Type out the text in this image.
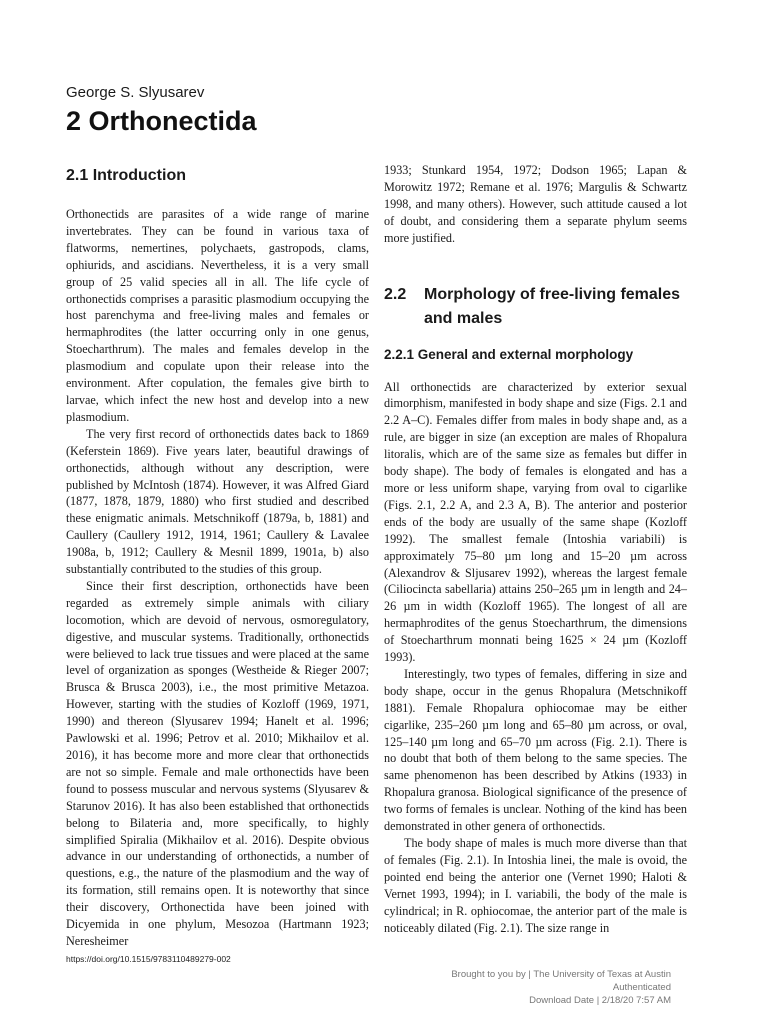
George S. Slyusarev
2 Orthonectida
2.1 Introduction

Orthonectids are parasites of a wide range of marine invertebrates. They can be found in various taxa of flatworms, nemertines, polychaets, gastropods, clams, ophiurids, and ascidians. Nevertheless, it is a very small group of 25 valid species all in all. The life cycle of orthonectids comprises a parasitic plasmodium occupying the host parenchyma and free-living males and females or hermaphrodites (the latter occurring only in one genus, Stoecharthrum). The males and females develop in the plasmodium and copulate upon their release into the environment. After copulation, the females give birth to larvae, which infect the new host and develop into a new plasmodium.

The very first record of orthonectids dates back to 1869 (Keferstein 1869). Five years later, beautiful drawings of orthonectids, although without any description, were published by McIntosh (1874). However, it was Alfred Giard (1877, 1878, 1879, 1880) who first studied and described these enigmatic animals. Metschnikoff (1879a, b, 1881) and Caullery (Caullery 1912, 1914, 1961; Caullery & Lavalee 1908a, b, 1912; Caullery & Mesnil 1899, 1901a, b) also substantially contributed to the studies of this group.

Since their first description, orthonectids have been regarded as extremely simple animals with ciliary locomotion, which are devoid of nervous, osmoregulatory, digestive, and muscular systems. Traditionally, orthonectids were believed to lack true tissues and were placed at the same level of organization as sponges (Westheide & Rieger 2007; Brusca & Brusca 2003), i.e., the most primitive Metazoa. However, starting with the studies of Kozloff (1969, 1971, 1990) and thereon (Slyusarev 1994; Hanelt et al. 1996; Pawlowski et al. 1996; Petrov et al. 2010; Mikhailov et al. 2016), it has become more and more clear that orthonectids are not so simple. Female and male orthonectids have been found to possess muscular and nervous systems (Slyusarev & Starunov 2016). It has also been established that orthonectids belong to Bilateria and, more specifically, to highly simplified Spiralia (Mikhailov et al. 2016). Despite obvious advance in our understanding of orthonectids, a number of questions, e.g., the nature of the plasmodium and the way of its formation, still remains open. It is noteworthy that since their discovery, Orthonectida have been joined with Dicyemida in one phylum, Mesozoa (Hartmann 1923; Neresheimer

1933; Stunkard 1954, 1972; Dodson 1965; Lapan & Morowitz 1972; Remane et al. 1976; Margulis & Schwartz 1998, and many others). However, such attitude caused a lot of doubt, and considering them a separate phylum seems more justified.

2.2 Morphology of free-living females and males
2.2.1 General and external morphology

All orthonectids are characterized by exterior sexual dimorphism, manifested in body shape and size (Figs. 2.1 and 2.2 A–C). Females differ from males in body shape and, as a rule, are bigger in size (an exception are males of Rhopalura litoralis, which are of the same size as females but differ in body shape). The body of females is elongated and has a more or less uniform shape, varying from oval to cigarlike (Figs. 2.1, 2.2 A, and 2.3 A, B). The anterior and posterior ends of the body are usually of the same shape (Kozloff 1992). The smallest female (Intoshia variabili) is approximately 75–80 µm long and 15–20 µm across (Alexandrov & Sljusarev 1992), whereas the largest female (Ciliocincta sabellaria) attains 250–265 µm in length and 24–26 µm in width (Kozloff 1965). The longest of all are hermaphrodites of the genus Stoecharthrum, the dimensions of Stoecharthrum monnati being 1625 × 24 µm (Kozloff 1993).

Interestingly, two types of females, differing in size and body shape, occur in the genus Rhopalura (Metschnikoff 1881). Female Rhopalura ophiocomae may be either cigarlike, 235–260 µm long and 65–80 µm across, or oval, 125–140 µm long and 65–70 µm across (Fig. 2.1). There is no doubt that both of them belong to the same species. The same phenomenon has been described by Atkins (1933) in Rhopalura granosa. Biological significance of the presence of two forms of females is unclear. Nothing of the kind has been demonstrated in other genera of orthonectids.

The body shape of males is much more diverse than that of females (Fig. 2.1). In Intoshia linei, the male is ovoid, the pointed end being the anterior one (Vernet 1990; Haloti & Vernet 1993, 1994); in I. variabili, the body of the male is cylindrical; in R. ophiocomae, the anterior part of the male is noticeably dilated (Fig. 2.1). The size range in

https://doi.org/10.1515/9783110489279-002
Brought to you by | The University of Texas at Austin
Authenticated
Download Date | 2/18/20 7:57 AM
